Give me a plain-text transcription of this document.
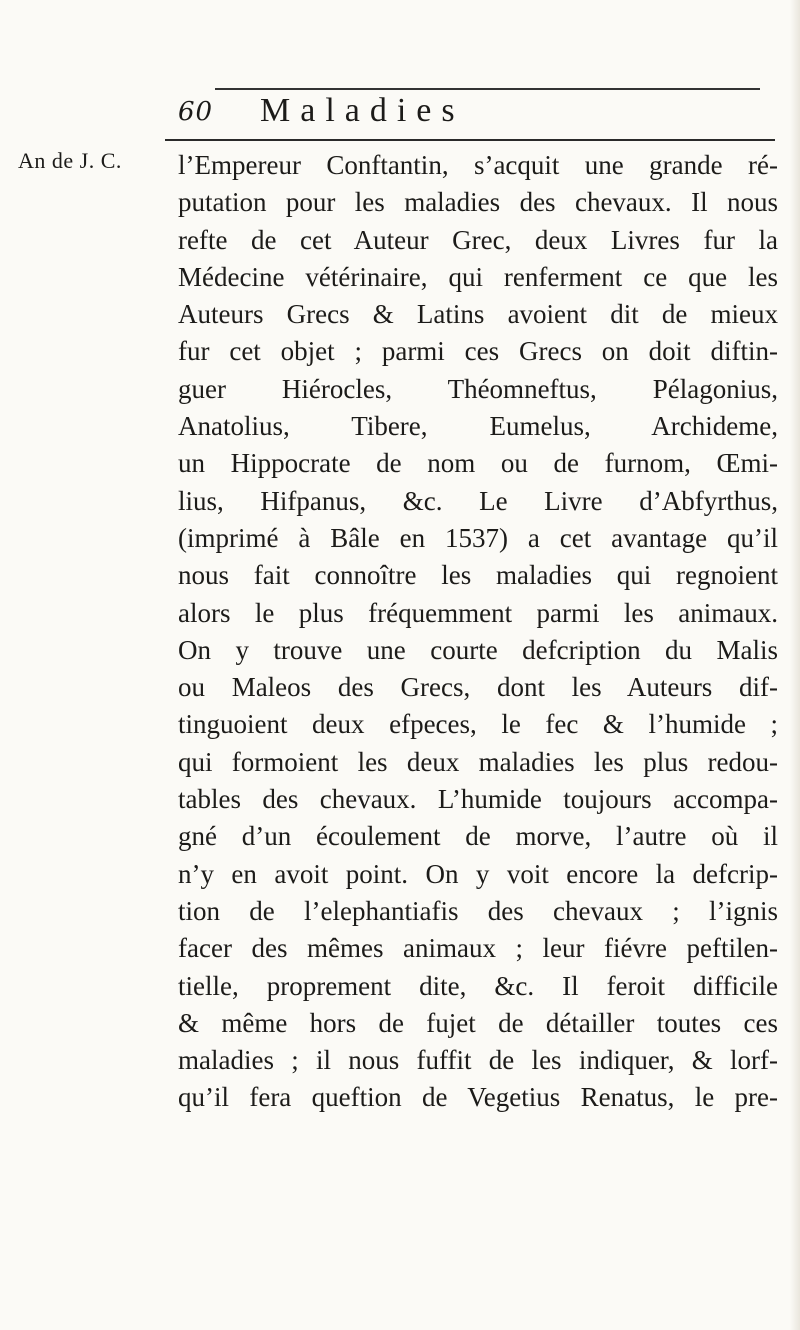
60 Maladies
An de J. C. l’Empereur Conftantin, s’acquit une grande ré-
putation pour les maladies des chevaux. Il nous
refte de cet Auteur Grec, deux Livres fur la
Médecine vétérinaire, qui renferment ce que les
Auteurs Grecs & Latins avoient dit de mieux
fur cet objet ; parmi ces Grecs on doit diftin-
guer Hiérocles, Théomneftus, Pélagonius,
Anatolius, Tibere, Eumelus, Archideme,
un Hippocrate de nom ou de furnom, Œmi-
lius, Hifpanus, &c. Le Livre d’Abfyrthus,
(imprimé à Bâle en 1537) a cet avantage qu’il
nous fait connoître les maladies qui regnoient
alors le plus fréquemment parmi les animaux.
On y trouve une courte defcription du Malis
ou Maleos des Grecs, dont les Auteurs dif-
tinguoient deux efpeces, le fec & l’humide ;
qui formoient les deux maladies les plus redou-
tables des chevaux. L’humide toujours accompa-
gné d’un écoulement de morve, l’autre où il
n’y en avoit point. On y voit encore la defcrip-
tion de l’elephantiafis des chevaux ; l’ignis
facer des mêmes animaux ; leur fiévre peftilen-
tielle, proprement dite, &c. Il feroit difficile
& même hors de fujet de détailler toutes ces
maladies ; il nous fuffit de les indiquer, & lorf-
qu’il fera queftion de Vegetius Renatus, le pre-
